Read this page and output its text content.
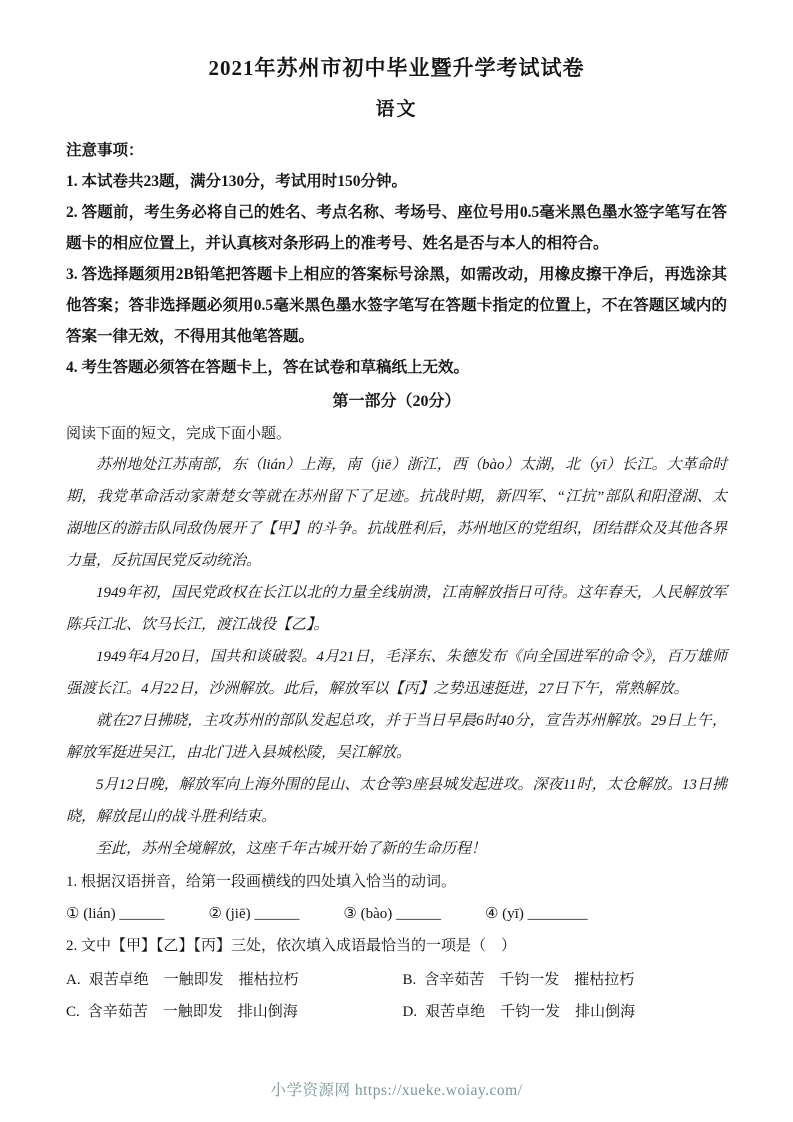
2021年苏州市初中毕业暨升学考试试卷
语文

注意事项：

1. 本试卷共23题，满分130分，考试用时150分钟。

2. 答题前，考生务必将自己的姓名、考点名称、考场号、座位号用0.5毫米黑色墨水签字笔写在答题卡的相应位置上，并认真核对条形码上的准考号、姓名是否与本人的相符合。

3. 答选择题须用2B铅笔把答题卡上相应的答案标号涂黑，如需改动，用橡皮擦干净后，再选涂其他答案；答非选择题必须用0.5毫米黑色墨水签字笔写在答题卡指定的位置上，不在答题区域内的答案一律无效，不得用其他笔答题。

4. 考生答题必须答在答题卡上，答在试卷和草稿纸上无效。

第一部分（20分）

阅读下面的短文，完成下面小题。

苏州地处江苏南部，东（lián）上海，南（jiē）浙江，西（bào）太湖，北（yī）长江。大革命时期，我党革命活动家萧楚女等就在苏州留下了足迹。抗战时期，新四军、“江抗”部队和阳澄湖、太湖地区的游击队同敌伪展开了【甲】的斗争。抗战胜利后，苏州地区的党组织，团结群众及其他各界力量，反抗国民党反动统治。

1949年初，国民党政权在长江以北的力量全线崩溃，江南解放指日可待。这年春天，人民解放军陈兵江北、饮马长江，渡江战役【乙】。

1949年4月20日，国共和谈破裂。4月21日，毛泽东、朱德发布《向全国进军的命令》，百万雄师强渡长江。4月22日，沙洲解放。此后，解放军以【丙】之势迅速挺进，27日下午，常熟解放。

就在27日拂晓，主攻苏州的部队发起总攻，并于当日早晨6时40分，宣告苏州解放。29日上午，解放军挺进吴江，由北门进入县城松陵，吴江解放。

5月12日晚，解放军向上海外围的昆山、太仓等3座县城发起进攻。深夜11时，太仓解放。13日拂晓，解放昆山的战斗胜利结束。

至此，苏州全境解放，这座千年古城开始了新的生命历程！

1. 根据汉语拼音，给第一段画横线的四处填入恰当的动词。

① (lián) ______	② (jiē) ______	③ (bào) ______	④ (yī) ________

2. 文中【甲】【乙】【丙】三处，依次填入成语最恰当的一项是（　）

A. 艰苦卓绝　一触即发　摧枯拉朽	B. 含辛茹苦　千钧一发　摧枯拉朽
C. 含辛茹苦　一触即发　排山倒海	D. 艰苦卓绝　千钧一发　排山倒海
小学资源网 https://xueke.woiay.com/
